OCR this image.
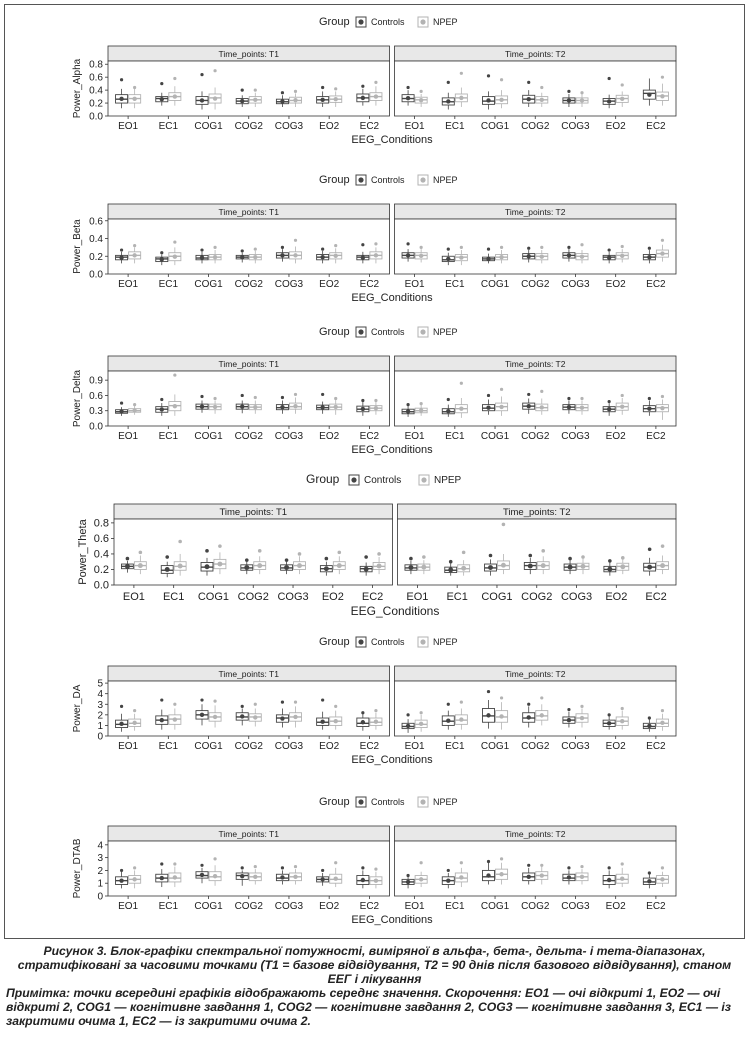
Group Controls	NPEP
Power_Alpha 0.0
0.2
0.4
0.6
0.8
Time_points: T1
EO1 EC1 COG1 COG2 COG3 EO2 EC2
Time_points: T2
EO1 EC1 COG1 COG2 COG3 EO2 EC2
EEG_Conditions
Group Controls	NPEP
Power_Beta
0.0
0.2
0.4
0.6
Time_points: T1
EO1 EC1 COG1 COG2 COG3 EO2 EC2
Time_points: T2
EO1 EC1 COG1 COG2 COG3 EO2 EC2
EEG_Conditions
Group Controls	NPEP
Power_Delta 0.0
0.3
0.6
0.9
Time_points: T1
EO1 EC1 COG1 COG2 COG3 EO2 EC2
Time_points: T2
EO1 EC1 COG1 COG2 COG3 EO2 EC2
EEG_Conditions
Group Controls	NPEP
Power_Theta
0.0
0.2
0.4
0.6
0.8
Time_points: T1
EO1 EC1 COG1 COG2 COG3 EO2 EC2
Time_points: T2
EO1 EC1 COG1 COG2 COG3 EO2 EC2
EEG_Conditions
Group Controls	NPEP
Power_DA
0
1
2
3
4
5
Time_points: T1
EO1 EC1 COG1 COG2 COG3 EO2 EC2
Time_points: T2
EO1 EC1 COG1 COG2 COG3 EO2 EC2
EEG_Conditions
Group Controls	NPEP
Power_DTAB 0
1
2
3
4
Time_points: T1
EO1 EC1 COG1 COG2 COG3 EO2 EC2
Time_points: T2
EO1 EC1 COG1 COG2 COG3 EO2 EC2
EEG_Conditions
Рисунок 3. Блок-графіки спектральної потужності, виміряної в альфа-, бета-, дельта- і тета-діапазонах, стратифіковані за часовими точками (T1 = базове відвідування, T2 = 90 днів після базового відвідування), станом ЕЕГ і лікування
Примітка: точки всередині графіків відображають середнє значення. Скорочення: EO1 — очі відкриті 1, EO2 — очі відкриті 2, COG1 — когнітивне завдання 1, COG2 — когнітивне завдання 2, COG3 — когнітивне завдання 3, EC1 — із закритими очима 1, EC2 — із закритими очима 2.
